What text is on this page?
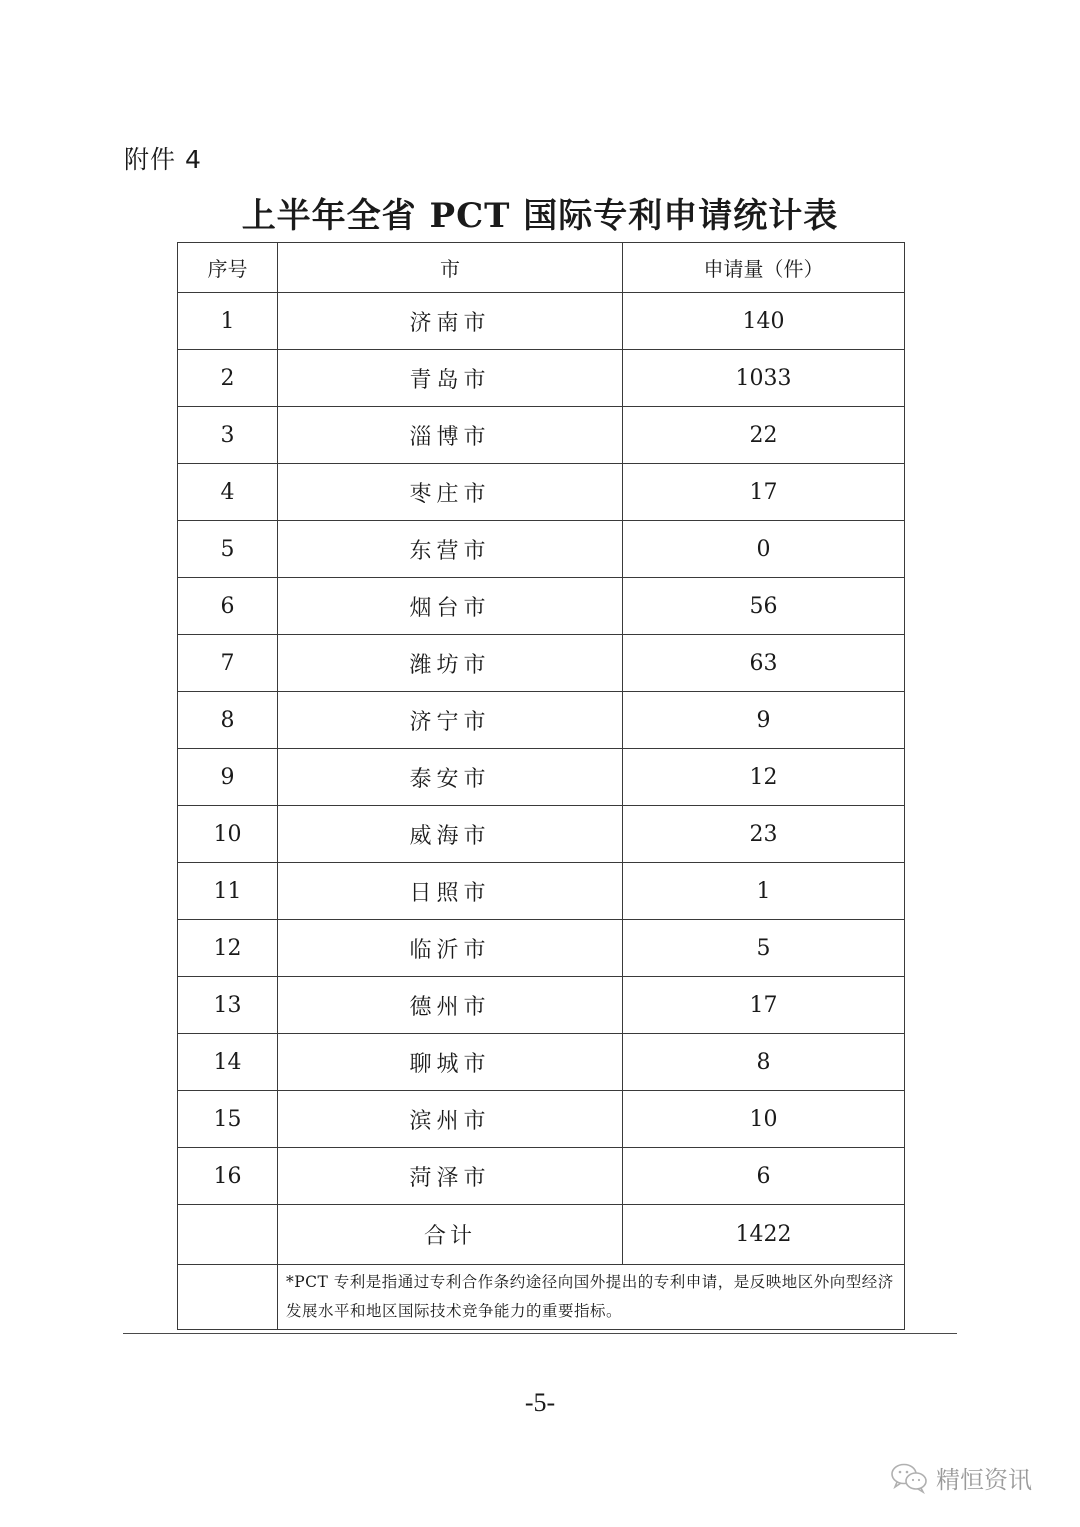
附件 4
上半年全省 PCT 国际专利申请统计表
序号	市	申请量（件）
1	济南市	140
2	青岛市	1033
3	淄博市	22
4	枣庄市	17
5	东营市	0
6	烟台市	56
7	潍坊市	63
8	济宁市	9
9	泰安市	12
10	威海市	23
11	日照市	1
12	临沂市	5
13	德州市	17
14	聊城市	8
15	滨州市	10
16	菏泽市	6
	合计	1422
	*PCT 专利是指通过专利合作条约途径向国外提出的专利申请，是反映地区外向型经济发展水平和地区国际技术竞争能力的重要指标。	
-5-
精恒资讯
